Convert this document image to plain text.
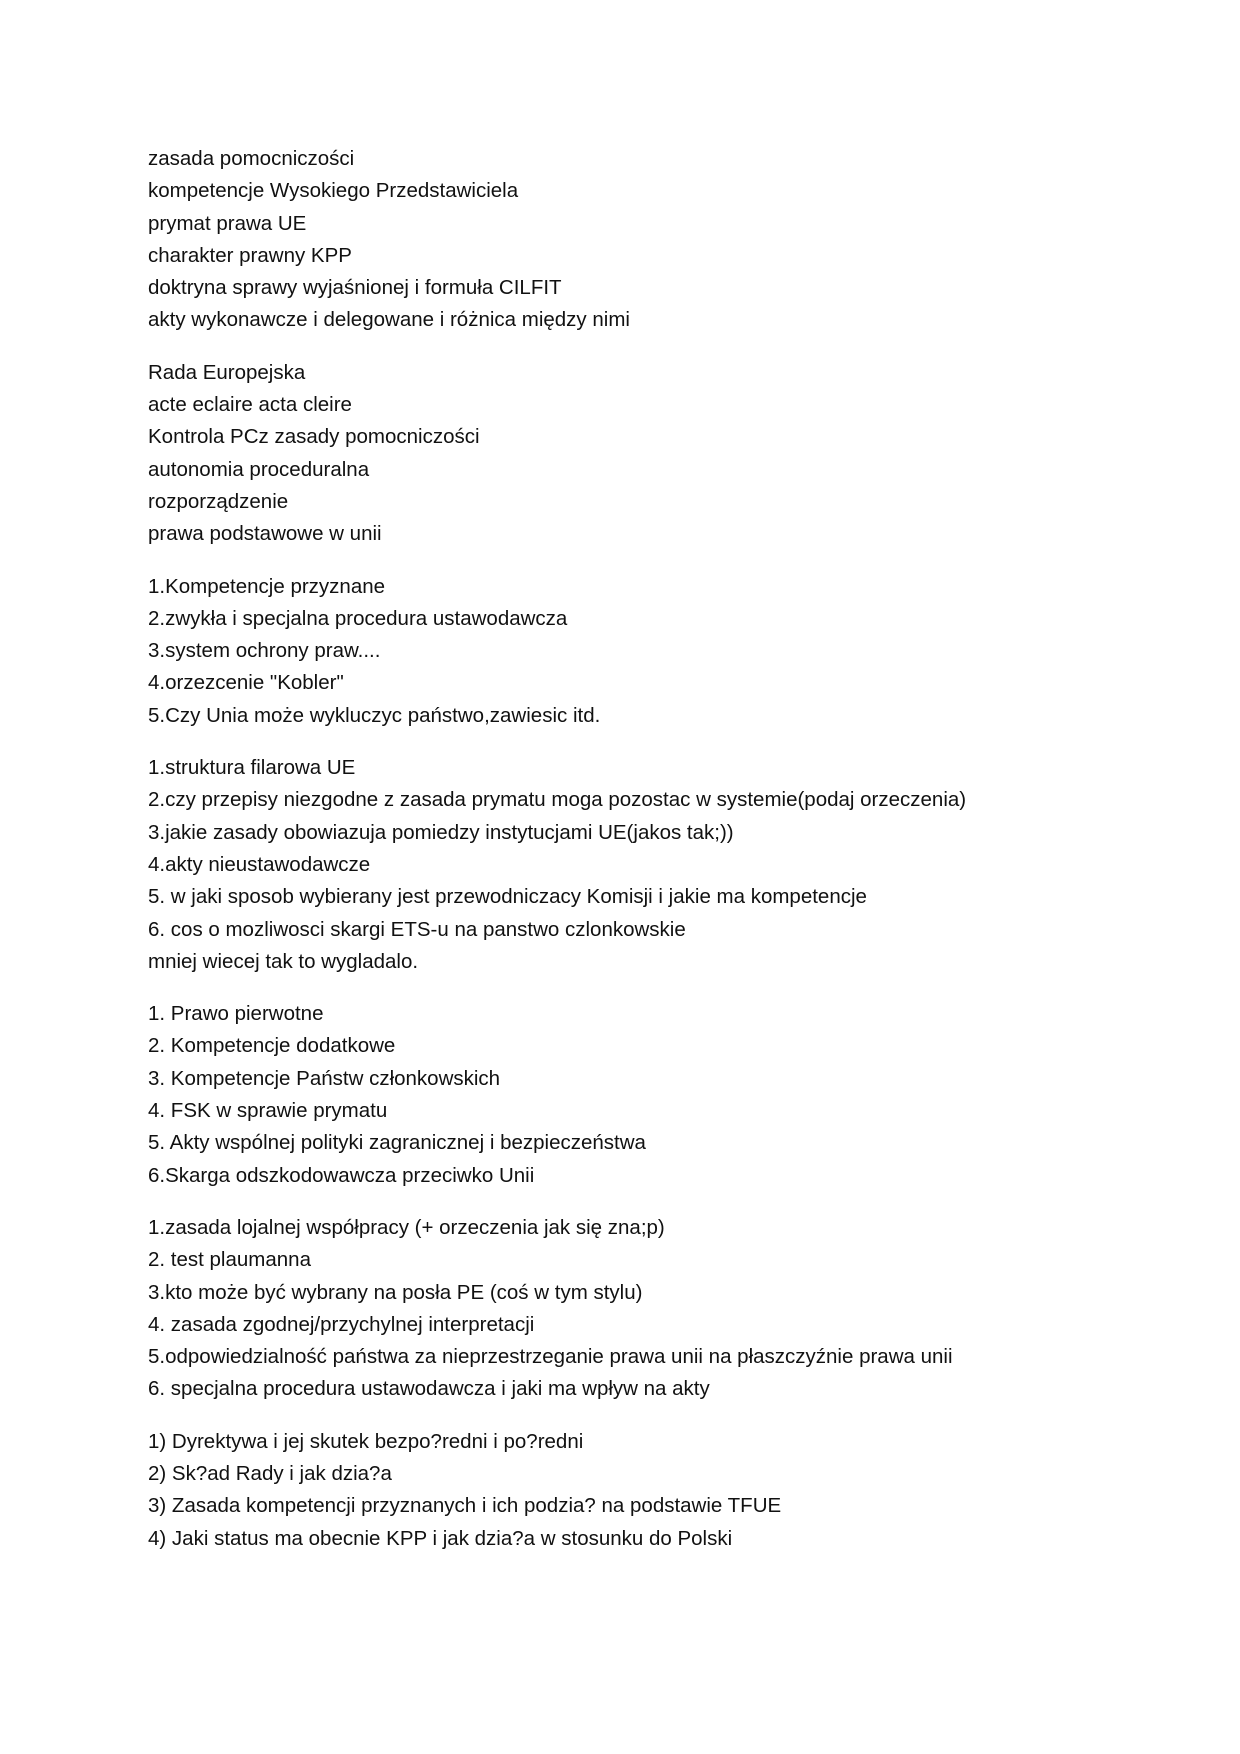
zasada pomocniczości
kompetencje Wysokiego Przedstawiciela
prymat prawa UE
charakter prawny KPP
doktryna sprawy wyjaśnionej i formuła CILFIT
akty wykonawcze i delegowane i różnica między nimi
Rada Europejska
acte eclaire acta cleire
Kontrola PCz zasady pomocniczości
autonomia proceduralna
rozporządzenie
prawa podstawowe w unii
1.Kompetencje przyznane
2.zwykła i specjalna procedura ustawodawcza
3.system ochrony praw....
4.orzezcenie "Kobler"
5.Czy Unia może wykluczyc państwo,zawiesic itd.
1.struktura filarowa UE
2.czy przepisy niezgodne z zasada prymatu moga pozostac w systemie(podaj orzeczenia)
3.jakie zasady obowiazuja pomiedzy instytucjami UE(jakos tak;))
4.akty nieustawodawcze
5. w jaki sposob wybierany jest przewodniczacy Komisji i jakie ma kompetencje
6. cos o mozliwosci skargi ETS-u na panstwo czlonkowskie
mniej wiecej tak to wygladalo.
1. Prawo pierwotne
2. Kompetencje dodatkowe
3. Kompetencje Państw członkowskich
4. FSK w sprawie prymatu
5. Akty wspólnej polityki zagranicznej i bezpieczeństwa
6.Skarga odszkodowawcza przeciwko Unii
1.zasada lojalnej współpracy (+ orzeczenia jak się zna;p)
2. test plaumanna
3.kto może być wybrany na posła PE (coś w tym stylu)
4. zasada zgodnej/przychylnej interpretacji
5.odpowiedzialność państwa za nieprzestrzeganie prawa unii na płaszczyźnie prawa unii
6. specjalna procedura ustawodawcza i jaki ma wpływ na akty
1) Dyrektywa i jej skutek bezpo?redni i po?redni
2) Sk?ad Rady i jak dzia?a
3) Zasada kompetencji przyznanych i ich podzia? na podstawie TFUE
4) Jaki status ma obecnie KPP i jak dzia?a w stosunku do Polski
